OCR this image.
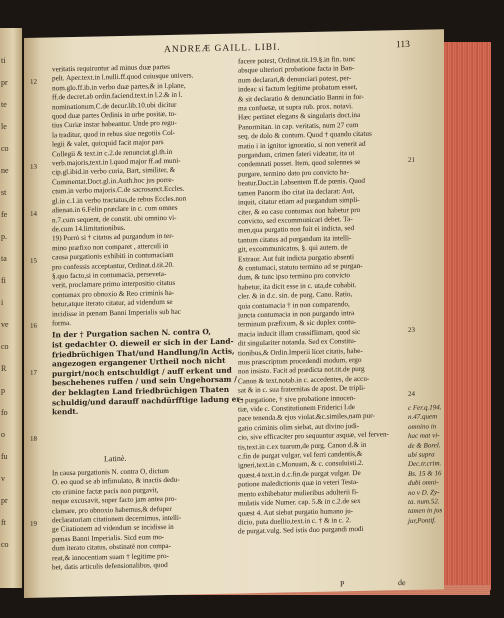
ti
pr
te
le
co
ne
st
fe
p.
ta
fi
i
ve
co
R
p
fo
o
fu
v
pr
ft
co
ANDREÆ GAILL. LIBI.	113

12

13

14

15

16

17

18

19

veritatis requiruntur ad minus duæ partes

pelt. Aper.text.in l.nulli.ff.quod cuiusque univers.

nom.glo.ff.ib.in verbo duæ partes,& in l.plane,

ff.de decret.ab ordin.faciend.text.in l.2.& in l.

nominationum.C.de decur.lib.10.ubi dicitur

quod duæ partes Ordinis in urbe positæ, to-

tius Curiæ instar habeantur. Unde pro regu-

la traditur, quod in rebus siue negotiis Col-

legii & valet, quicquid facit major pars

Collegii & text.in c.2.de renunciat.gl.th.in

verb.majoris,text.in l.quod major ff.ad muni-

cip.gl.ibid.in verbo curia, Bart, similiter, &

Commentat.Doct.gl.in.Auth.hoc jus porre-

ctum.in verbo majoris.C.de sacrosanct.Eccles.

gl.in c.1.in verbo tractatus,de rebus Eccles.non

alienan.in 6.Felin præclare in c. cum omnes

n.7.cum sequent, de constit. ubi omnino vi-

de.cum 14.limitationibus.

19) Porrò si † citatus ad purgandum in ter-

mino præfixo non comparet , atterculi in

causa purgationis exhibiti in contumaciam

pro confessis acceptantur, Ordinat.d.tit.20.

§.quo facto,si in contumacia, perseveta-

verit, proclamare primo interpositio citatus

contumax pro obnoxio & Reo criminis ha-

betur,atque iterato citatur, ad videndum se

incidisse in pœnam Banni Imperialis sub hac

forma.

In der † Purgation sachen N. contra O,

ist gedachter O. dieweil er sich in der Land-

friedbrüchigen That/und Handlung/in Actis,

angezogen ergangener Urtheil noch nicht

purgirt/noch entschuldigt / auff erkent und

beschehenes ruffen / und sein Ungehorsam /

der beklagten Land friedbrüchigen Thaten

schuldig/und darauff nachdürfftige ladung er-

kendt.

Latinè.

In causa purgationis N. contra O, dictum

O. eo quod se ab infimulato, & inactis dedu-

cto crimine factæ pacis non purgavit,

neque excusavit, super facto jam antea pro-

clamare, pro obnoxio habemus,& defuper

declaratoriam citationem decernimus, intelli-

ge Citationem ad videndum se incidisse in

pœnas Banni Imperialis. Sicd eum mo-

dum iterato citatus, obstinatè non compa-

reat,& innocentiam suam † legitime pro-

bet, datis articulis defensionalibus, quod

facere potest, Ordinat.tit.19.§.in fin. tunc

absque ulteriori probatione facta in Ban-

num declarari,& denunciari potest, per-

indeac si factum legitime probatum esset,

& sit declaratio & denunciatio Banni in for-

ma confuetæ, ut supra rub. prox. notavi.

Hæc pertinet elegans & singularis doct.ina

Panormitan. in cap. veritatis, num 27 cum

seq. de dolo & contum. Quod † quando citatus

matio i in ignitor ignoratio, si non venerit ad

purgandum, crimen fateri videatur, ita ut

condemnati posset. Item, quod solennes se

purgare, termino dato pro convicto ha-

beatur.Doct.in l.absentem ff.de pœnis. Quod

tamen Panorm ibo citat ita declarat: Aut,

inquit, citatur etiam ad purgandum simpli-

citer, & eo casu contumax non habetur pro

convicto, sed excommunicari debet. Ta-

men,qua purgatio non fuit ei indicta, sed

tantum citatus ad purgandum ita intelli-

git, excommunicatus, §. qui autem. de

Extraor. Aut fuit indicta purgatio absenti

& contumaci, statuto termino ad se purgan-

dum, & tunc ipso termino pro convicto

habetur, ita dicit esse in c. uta,de cohabit.

cler. & in d.c. sin. de purg. Cano. Ratio,

quia contumacia † in non comparendo,

juncta contumacia in non purgando intra

terminum præfixum, & sic duplex contu-

macia inducit illam crassiflimam, quod sic

dit singulariter notanda. Sed ex Constitu-

tionibus,& Ordin.Imperii licet citatis, habe-

mus præscriptum procedendi modum, ergo

non insisto. Facit ad prædicta not.tit.de purg

Canon & text.notab.in c. accedentes, de accu-

sat & in c. sua fraternitas de apost. De tripli-

ci purgatione, † sive probatione innocen-

tiæ, vide c. Constitutionem Friderici I.de

pace tenenda.& ejus violat.&c.similes,nam pur-

gatio criminis olim siebat, aut divino judi-

cio, sive efficaciter pro sequuntur asquæ, vel ferven-

tis,text.in c.ex tuarum,de purg. Canon d.& in

c.fin de purgat vulgar, vel ferri candentis,&

igneri,text.in c.Monuam, & c. consuluisti.2.

quæst.4 text.in d.c.fin.de purgat vulgar. De

potione maledictionis quæ in veteri Testa-

mento exhibebatur mulieribus adulterii fi-

mulatis vide Numer. cap. 5.& in c.2.de sex

quæst 4. Aut siebat purgatio humano ju-

dicio, puta duellio,text.in c. † & in c. 2.

de purgat.vulg. Sed istis duo purgandi modi

c Fer.q.194.

n.47.quem

omnino in

hac mat vi-

de & Borel.

ubi supra

Dec.tr.crim.

Bs. 15 & 16

dubi omni-

no v D. Zy-

ta. num.52.

tamen in jus

jur,Pontif.

21
23
24
P	de
